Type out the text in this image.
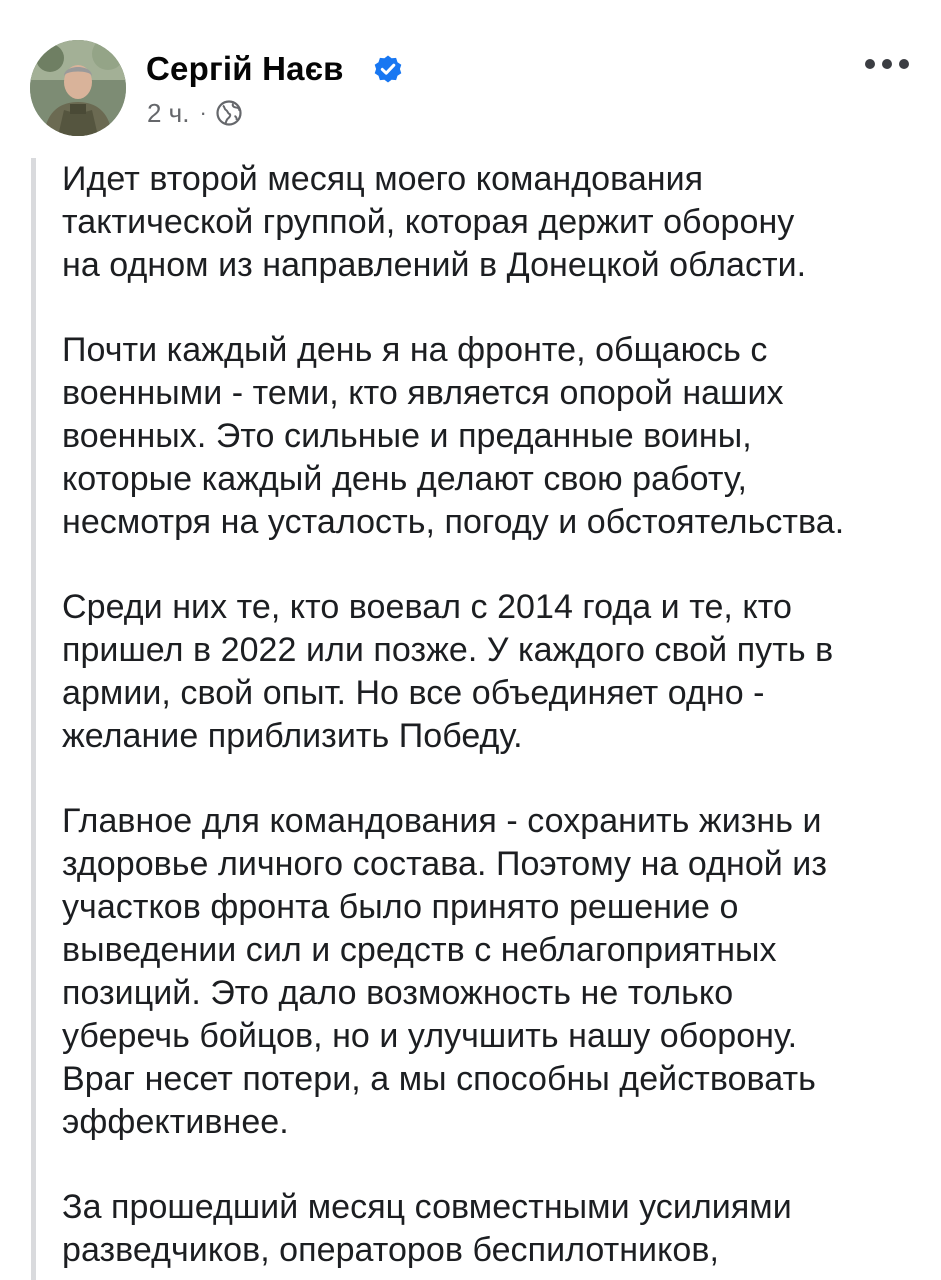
Сергій Наєв
2 ч. ·

Идет второй месяц моего командования
тактической группой, которая держит оборону
на одном из направлений в Донецкой области.

Почти каждый день я на фронте, общаюсь с
военными - теми, кто является опорой наших
военных. Это сильные и преданные воины,
которые каждый день делают свою работу,
несмотря на усталость, погоду и обстоятельства.

Среди них те, кто воевал с 2014 года и те, кто
пришел в 2022 или позже. У каждого свой путь в
армии, свой опыт. Но все объединяет одно -
желание приблизить Победу.

Главное для командования - сохранить жизнь и
здоровье личного состава. Поэтому на одной из
участков фронта было принято решение о
выведении сил и средств с неблагоприятных
позиций. Это дало возможность не только
уберечь бойцов, но и улучшить нашу оборону.
Враг несет потери, а мы способны действовать
эффективнее.

За прошедший месяц совместными усилиями
разведчиков, операторов беспилотников,
